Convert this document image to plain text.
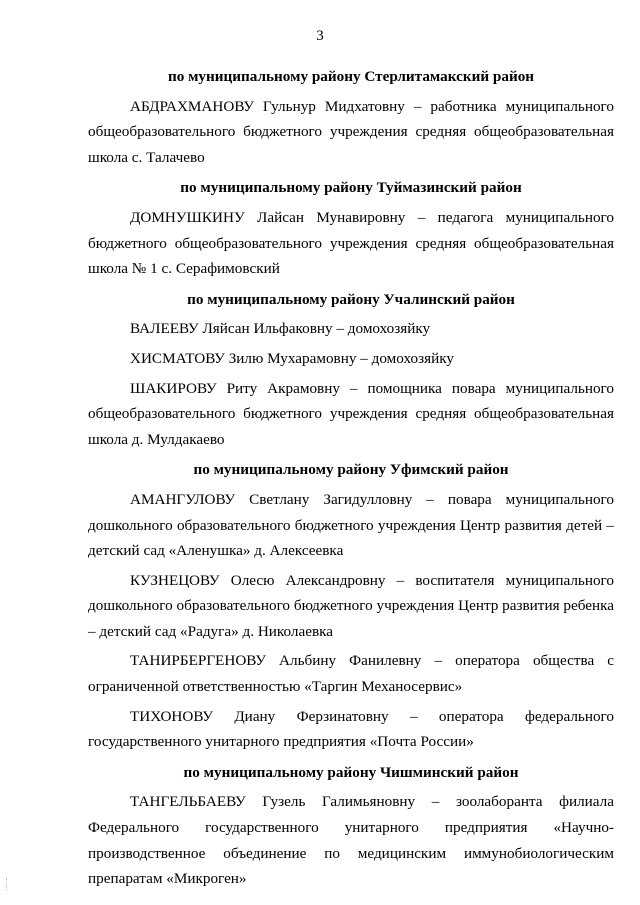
3

по муниципальному району Стерлитамакский район

АБДРАХМАНОВУ Гульнур Мидхатовну – работника муниципального общеобразовательного бюджетного учреждения средняя общеобразовательная школа с. Талачево

по муниципальному району Туймазинский район

ДОМНУШКИНУ Лайсан Мунавировну – педагога муниципального бюджетного общеобразовательного учреждения средняя общеобразовательная школа № 1 с. Серафимовский

по муниципальному району Учалинский район

ВАЛЕЕВУ Ляйсан Ильфаковну – домохозяйку

ХИСМАТОВУ Зилю Мухарамовну – домохозяйку

ШАКИРОВУ Риту Акрамовну – помощника повара муниципального общеобразовательного бюджетного учреждения средняя общеобразовательная школа д. Мулдакаево

по муниципальному району Уфимский район

АМАНГУЛОВУ Светлану Загидулловну – повара муниципального дошкольного образовательного бюджетного учреждения Центр развития детей – детский сад «Аленушка» д. Алексеевка

КУЗНЕЦОВУ Олесю Александровну – воспитателя муниципального дошкольного образовательного бюджетного учреждения Центр развития ребенка – детский сад «Радуга» д. Николаевка

ТАНИРБЕРГЕНОВУ Альбину Фанилевну – оператора общества с ограниченной ответственностью «Таргин Механосервис»

ТИХОНОВУ Диану Ферзинатовну – оператора федерального государственного унитарного предприятия «Почта России»

по муниципальному району Чишминский район

ТАНГЕЛЬБАЕВУ Гузель Галимьяновну – зоолаборанта филиала Федерального государственного унитарного предприятия «Научно-производственное объединение по медицинским иммунобиологическим препаратам «Микроген»
